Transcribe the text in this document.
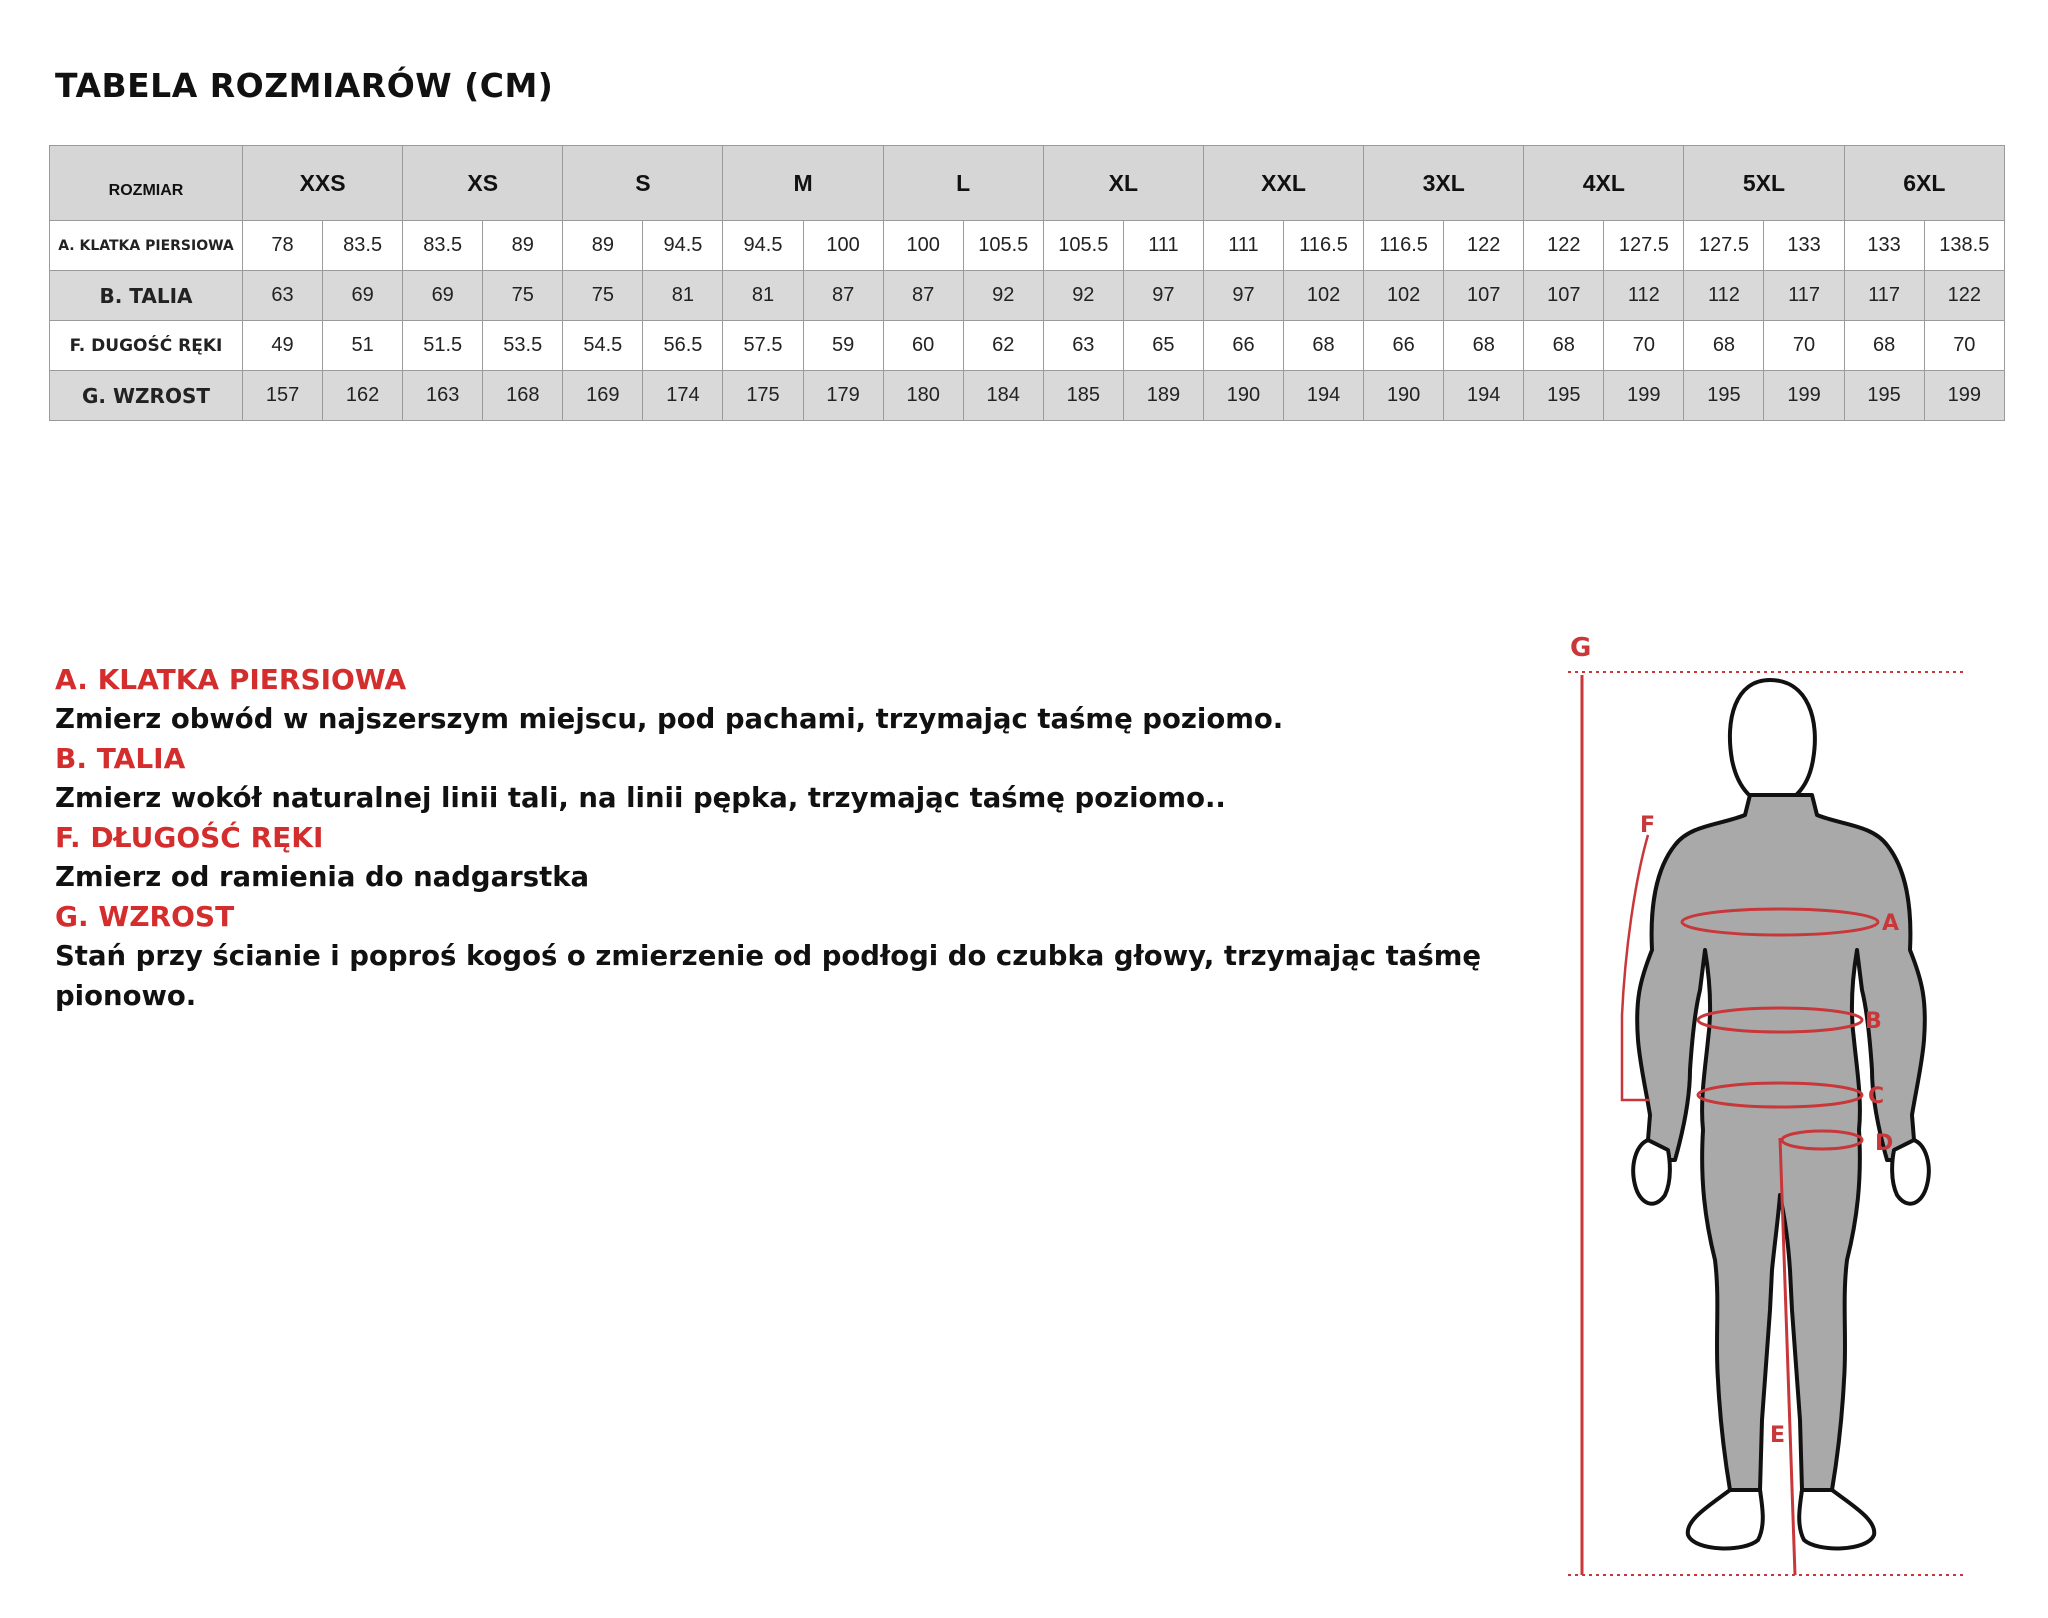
TABELA ROZMIARÓW (CM)
ROZMIAR	XXS		XS		S		M		L		XL		XXL		3XL		4XL		5XL		6XL	
A. KLATKA PIERSIOWA	78	83.5	83.5	89	89	94.5	94.5	100	100	105.5	105.5	111	111	116.5	116.5	122	122	127.5	127.5	133	133	138.5
B. TALIA	63	69	69	75	75	81	81	87	87	92	92	97	97	102	102	107	107	112	112	117	117	122
F. DUGOŚĆ RĘKI	49	51	51.5	53.5	54.5	56.5	57.5	59	60	62	63	65	66	68	66	68	68	70	68	70	68	70
G. WZROST	157	162	163	168	169	174	175	179	180	184	185	189	190	194	190	194	195	199	195	199	195	199

A. KLATKA PIERSIOWA

Zmierz obwód w najszerszym miejscu, pod pachami, trzymając taśmę poziomo.

B. TALIA

Zmierz wokół naturalnej linii tali, na linii pępka, trzymając taśmę poziomo..

F. DŁUGOŚĆ RĘKI

Zmierz od ramienia do nadgarstka

G. WZROST

Stań przy ścianie i poproś kogoś o zmierzenie od podłogi do czubka głowy, trzymając taśmę pionowo.

G
F
A
B
C
D
E
